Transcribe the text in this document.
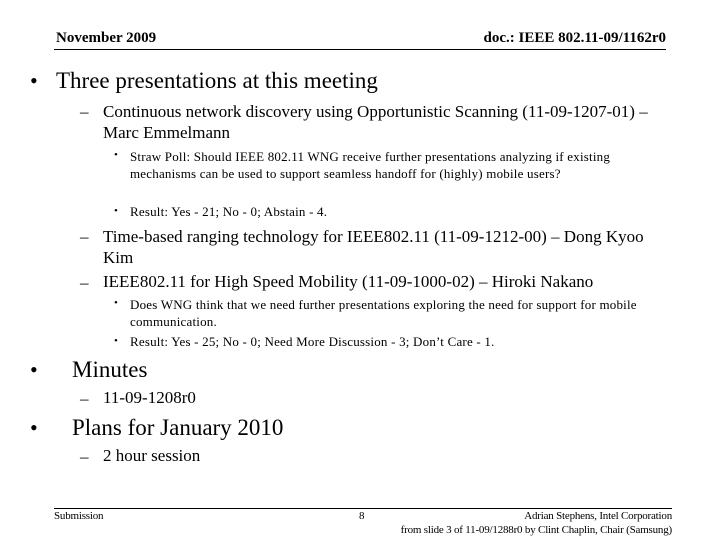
November 2009	doc.: IEEE 802.11-09/1162r0
• Three presentations at this meeting
– Continuous network discovery using Opportunistic Scanning (11-09-1207-01) – Marc Emmelmann
• Straw Poll: Should IEEE 802.11 WNG receive further presentations analyzing if existing mechanisms can be used to support seamless handoff for (highly) mobile users?
• Result: Yes - 21; No - 0; Abstain - 4.
– Time-based ranging technology for IEEE802.11 (11-09-1212-00) – Dong Kyoo Kim
– IEEE802.11 for High Speed Mobility (11-09-1000-02) – Hiroki Nakano
• Does WNG think that we need further presentations exploring the need for support for mobile communication.
• Result: Yes - 25; No - 0; Need More Discussion - 3; Don’t Care - 1.
• Minutes
– 11-09-1208r0
• Plans for January 2010
– 2 hour session
Submission	8	Adrian Stephens, Intel Corporation
from slide 3 of 11-09/1288r0 by Clint Chaplin, Chair (Samsung)
